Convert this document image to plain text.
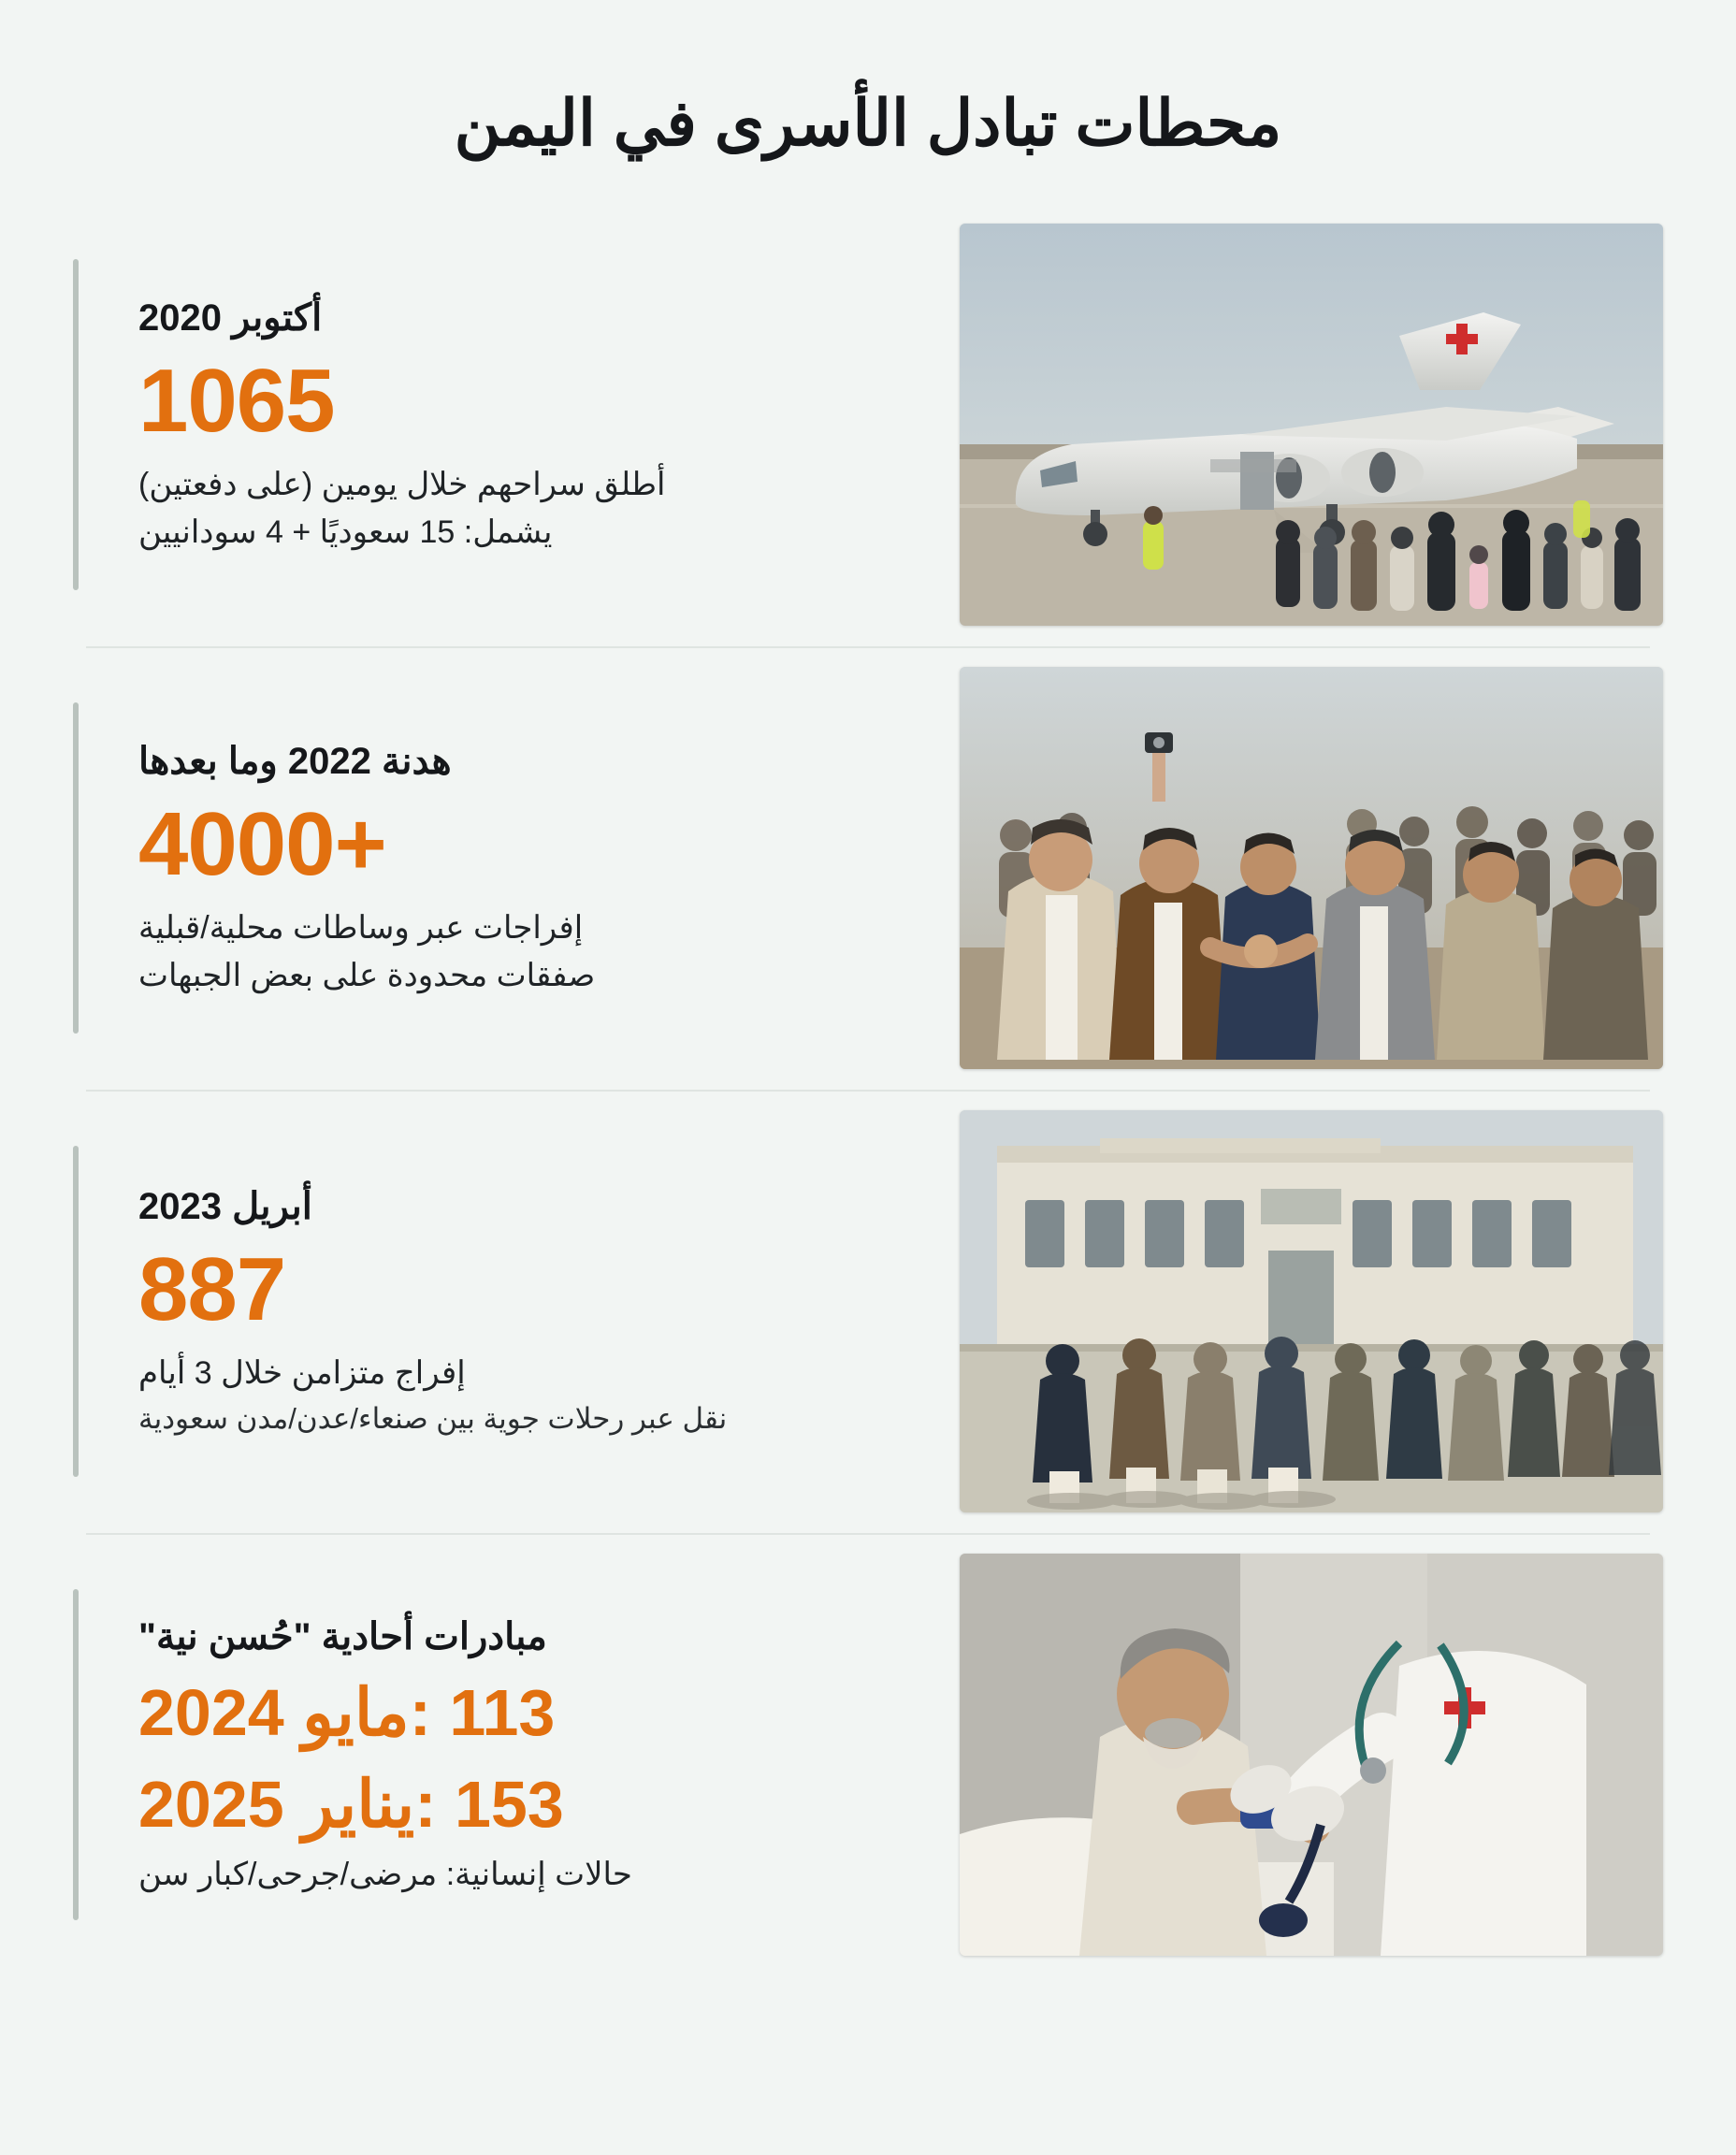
محطات تبادل الأسرى في اليمن
أكتوبر 2020
1065
أطلق سراحهم خلال يومين (على دفعتين)
يشمل: 15 سعوديًا + 4 سودانيين
هدنة 2022 وما بعدها
+4000
إفراجات عبر وساطات محلية/قبلية
صفقات محدودة على بعض الجبهات
أبريل 2023
887
إفراج متزامن خلال 3 أيام
نقل عبر رحلات جوية بين صنعاء/عدن/مدن سعودية
مبادرات أحادية "حُسن نية"
113 :مايو 2024
153 :يناير 2025
حالات إنسانية: مرضى/جرحى/كبار سن
